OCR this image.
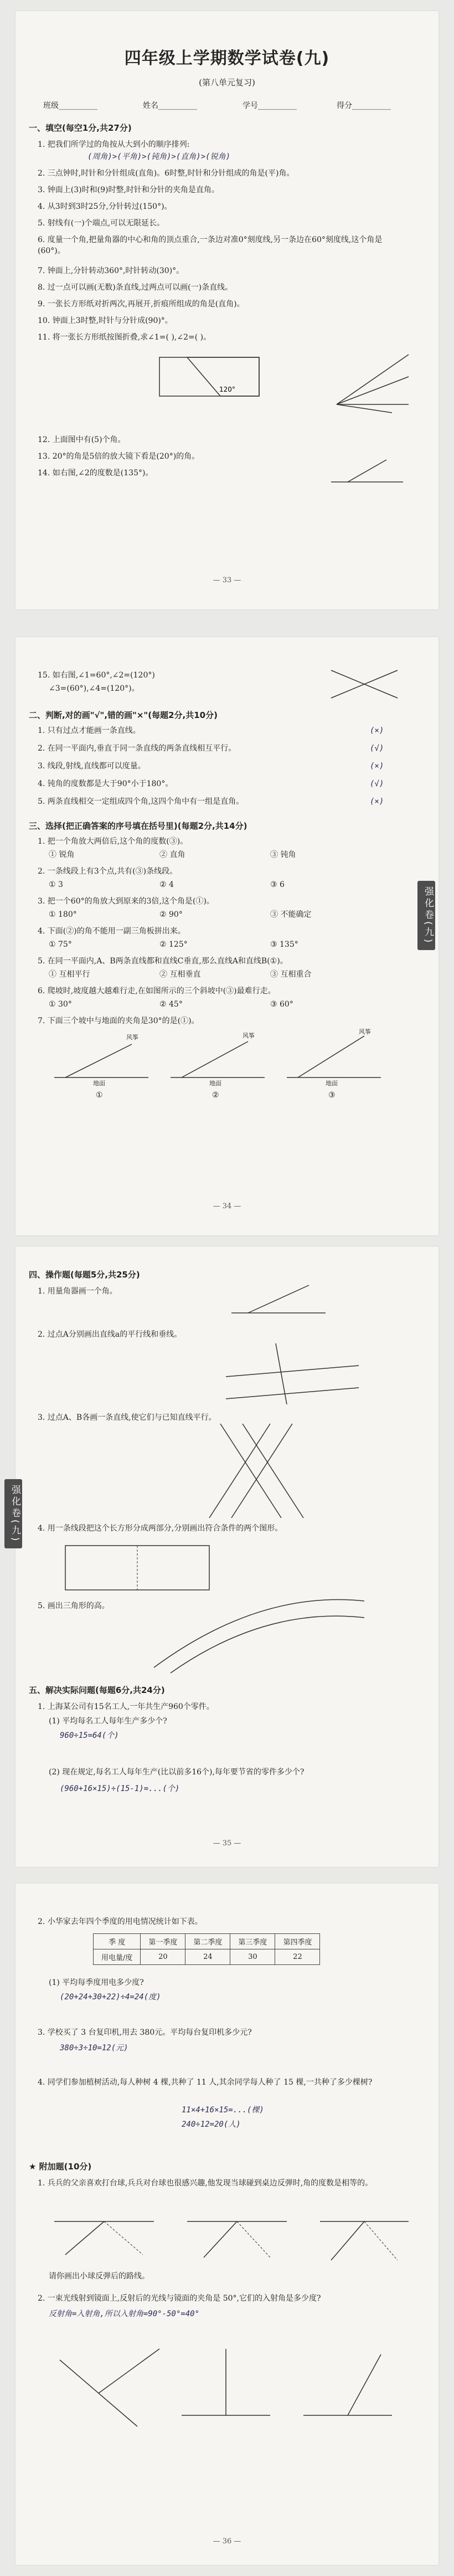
四年级上学期数学试卷(九)
(第八单元复习)
班级__________	姓名__________	学号__________	得分__________
一、填空(每空1分,共27分)
1. 把我们所学过的角按从大到小的顺序排列:
(周角)>(平角)>(钝角)>(直角)>(锐角)
2. 三点钟时,时针和分针组成(直角)。6时整,时针和分针组成的角是(平)角。
3. 钟面上(3)时和(9)时整,时针和分针的夹角是直角。
4. 从3时到3时25分,分针转过(150°)。
5. 射线有(一)个端点,可以无限延长。
6. 度量一个角,把量角器的中心和角的顶点重合,一条边对准0°刻度线,另一条边在60°刻度线,这个角是(60°)。
7. 钟面上,分针转动360°,时针转动(30)°。
8. 过一点可以画(无数)条直线,过两点可以画(一)条直线。
9. 一张长方形纸对折两次,再展开,折痕所组成的角是(直角)。
10. 钟面上3时整,时针与分针成(90)°。
11. 将一张长方形纸按图折叠,求∠1=( ),∠2=( )。
120°
12. 上面图中有(5)个角。
13. 20°的角是5倍的放大镜下看是(20°)的角。
14. 如右图,∠2的度数是(135°)。
— 33 —
15. 如右图,∠1=60°,∠2=(120°)
∠3=(60°),∠4=(120°)。
二、判断,对的画"√",错的画"×"(每题2分,共10分)
1. 只有过点才能画一条直线。	(×)
2. 在同一平面内,垂直于同一条直线的两条直线相互平行。	(√)
3. 线段,射线,直线都可以度量。	(×)
4. 钝角的度数都是大于90°小于180°。	(√)
5. 两条直线相交一定组成四个角,这四个角中有一组是直角。	(×)
三、选择(把正确答案的序号填在括号里)(每题2分,共14分)
1. 把一个角放大两倍后,这个角的度数(③)。
① 锐角	② 直角	③ 钝角
2. 一条线段上有3个点,共有(③)条线段。
① 3	② 4	③ 6
3. 把一个60°的角放大到原来的3倍,这个角是(①)。
① 180°	② 90°	③ 不能确定
4. 下面(②)的角不能用一副三角板拼出来。
① 75°	② 125°	③ 135°
5. 在同一平面内,A、B两条直线都和直线C垂直,那么直线A和直线B(①)。
① 互相平行	② 互相垂直	③ 互相重合
6. 爬坡时,坡度越大越难行走,在如图所示的三个斜坡中(③)最难行走。
① 30°	② 45°	③ 60°
7. 下面三个坡中与地面的夹角是30°的是(①)。
风筝	风筝
风筝
地面	地面	地面
①	②	③
强化卷(九)
— 34 —
四、操作题(每题5分,共25分)
1. 用量角器画一个角。
2. 过点A分别画出直线a的平行线和垂线。
3. 过点A、B各画一条直线,使它们与已知直线平行。
4. 用一条线段把这个长方形分成两部分,分别画出符合条件的两个图形。
5. 画出三角形的高。
强化卷(九)
五、解决实际问题(每题6分,共24分)
1. 上海某公司有15名工人,一年共生产960个零件。
(1) 平均每名工人每年生产多少个?
960÷15=64(个)
(2) 现在规定,每名工人每年生产(比以前多16个),每年要节省的零件多少个?
(960+16×15)÷(15-1)=...(个)
— 35 —
2. 小华家去年四个季度的用电情况统计如下表。
季 度	第一季度	第二季度	第三季度	第四季度
用电量/度	20	24	30	22
(1) 平均每季度用电多少度?
(20+24+30+22)÷4=24(度)
3. 学校买了 3 台复印机,用去 380元。平均每台复印机多少元?
380÷3÷10=12(元)
4. 同学们参加植树活动,每人种树 4 棵,共种了 11 人,其余同学每人种了 15 棵,一共种了多少棵树?
11×4+16×15=...(棵)
240÷12=20(人)
★ 附加题(10分)
1. 兵兵的父亲喜欢打台球,兵兵对台球也很感兴趣,他发现当球碰到桌边反弹时,角的度数是相等的。
请你画出小球反弹后的路线。
2. 一束光线射到镜面上,反射后的光线与镜面的夹角是 50°,它们的入射角是多少度?
反射角=入射角,所以入射角=90°-50°=40°
— 36 —
